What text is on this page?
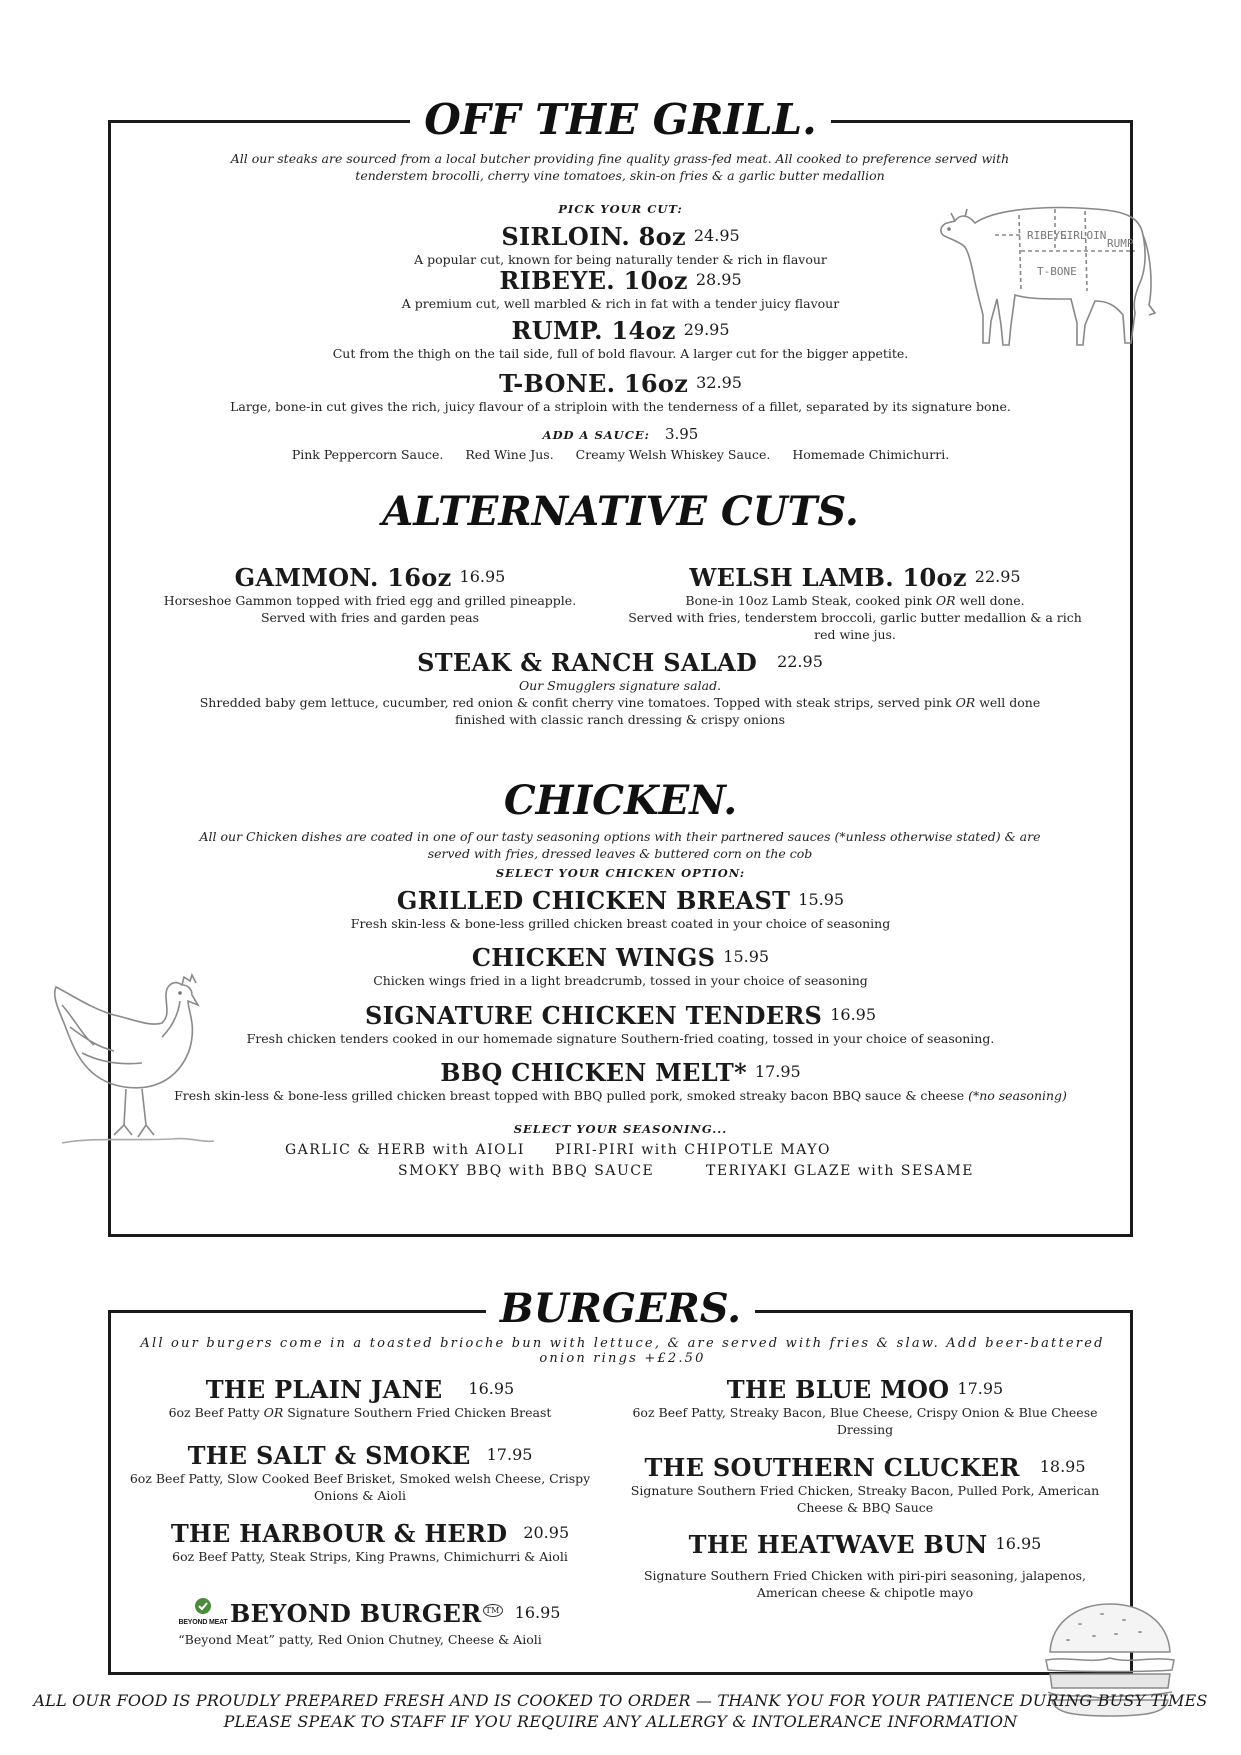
OFF THE GRILL.
All our steaks are sourced from a local butcher providing fine quality grass-fed meat. All cooked to preference served with
tenderstem brocolli, cherry vine tomatoes, skin-on fries & a garlic butter medallion
PICK YOUR CUT:
SIRLOIN. 8oz 24.95
A popular cut, known for being naturally tender & rich in flavour
RIBEYE. 10oz 28.95
A premium cut, well marbled & rich in fat with a tender juicy flavour
RUMP. 14oz 29.95
Cut from the thigh on the tail side, full of bold flavour. A larger cut for the bigger appetite.
T-BONE. 16oz 32.95
Large, bone-in cut gives the rich, juicy flavour of a striploin with the tenderness of a fillet, separated by its signature bone.
ADD A SAUCE: 3.95
Pink Peppercorn Sauce. Red Wine Jus. Creamy Welsh Whiskey Sauce. Homemade Chimichurri.
RIBEYE
SIRLOIN
RUMP
T-BONE
ALTERNATIVE CUTS.
GAMMON. 16oz 16.95
Horseshoe Gammon topped with fried egg and grilled pineapple.
Served with fries and garden peas
WELSH LAMB. 10oz 22.95
Bone-in 10oz Lamb Steak, cooked pink OR well done.
Served with fries, tenderstem broccoli, garlic butter medallion & a rich
red wine jus.
STEAK & RANCH SALAD 22.95
Our Smugglers signature salad.
Shredded baby gem lettuce, cucumber, red onion & confit cherry vine tomatoes. Topped with steak strips, served pink OR well done
finished with classic ranch dressing & crispy onions
CHICKEN.
All our Chicken dishes are coated in one of our tasty seasoning options with their partnered sauces (*unless otherwise stated) & are
served with fries, dressed leaves & buttered corn on the cob
SELECT YOUR CHICKEN OPTION:
GRILLED CHICKEN BREAST 15.95
Fresh skin-less & bone-less grilled chicken breast coated in your choice of seasoning
CHICKEN WINGS 15.95
Chicken wings fried in a light breadcrumb, tossed in your choice of seasoning
SIGNATURE CHICKEN TENDERS 16.95
Fresh chicken tenders cooked in our homemade signature Southern-fried coating, tossed in your choice of seasoning.
BBQ CHICKEN MELT* 17.95
Fresh skin-less & bone-less grilled chicken breast topped with BBQ pulled pork, smoked streaky bacon BBQ sauce & cheese (*no seasoning)
SELECT YOUR SEASONING...
GARLIC & HERB with AIOLI PIRI-PIRI with CHIPOTLE MAYO
SMOKY BBQ with BBQ SAUCE	TERIYAKI GLAZE with SESAME
BURGERS.
All our burgers come in a toasted brioche bun with lettuce, & are served with fries & slaw. Add beer-battered onion rings +£2.50
THE PLAIN JANE 16.95
6oz Beef Patty OR Signature Southern Fried Chicken Breast
THE SALT & SMOKE 17.95
6oz Beef Patty, Slow Cooked Beef Brisket, Smoked welsh Cheese, Crispy
Onions & Aioli
THE HARBOUR & HERD 20.95
6oz Beef Patty, Steak Strips, King Prawns, Chimichurri & Aioli
BEYOND MEAT BEYOND BURGER ™ 16.95
“Beyond Meat” patty, Red Onion Chutney, Cheese & Aioli
THE BLUE MOO 17.95
6oz Beef Patty, Streaky Bacon, Blue Cheese, Crispy Onion & Blue Cheese
Dressing
THE SOUTHERN CLUCKER 18.95
Signature Southern Fried Chicken, Streaky Bacon, Pulled Pork, American
Cheese & BBQ Sauce
THE HEATWAVE BUN 16.95
Signature Southern Fried Chicken with piri-piri seasoning, jalapenos,
American cheese & chipotle mayo
ALL OUR FOOD IS PROUDLY PREPARED FRESH AND IS COOKED TO ORDER — THANK YOU FOR YOUR PATIENCE DURING BUSY TIMES
PLEASE SPEAK TO STAFF IF YOU REQUIRE ANY ALLERGY & INTOLERANCE INFORMATION
